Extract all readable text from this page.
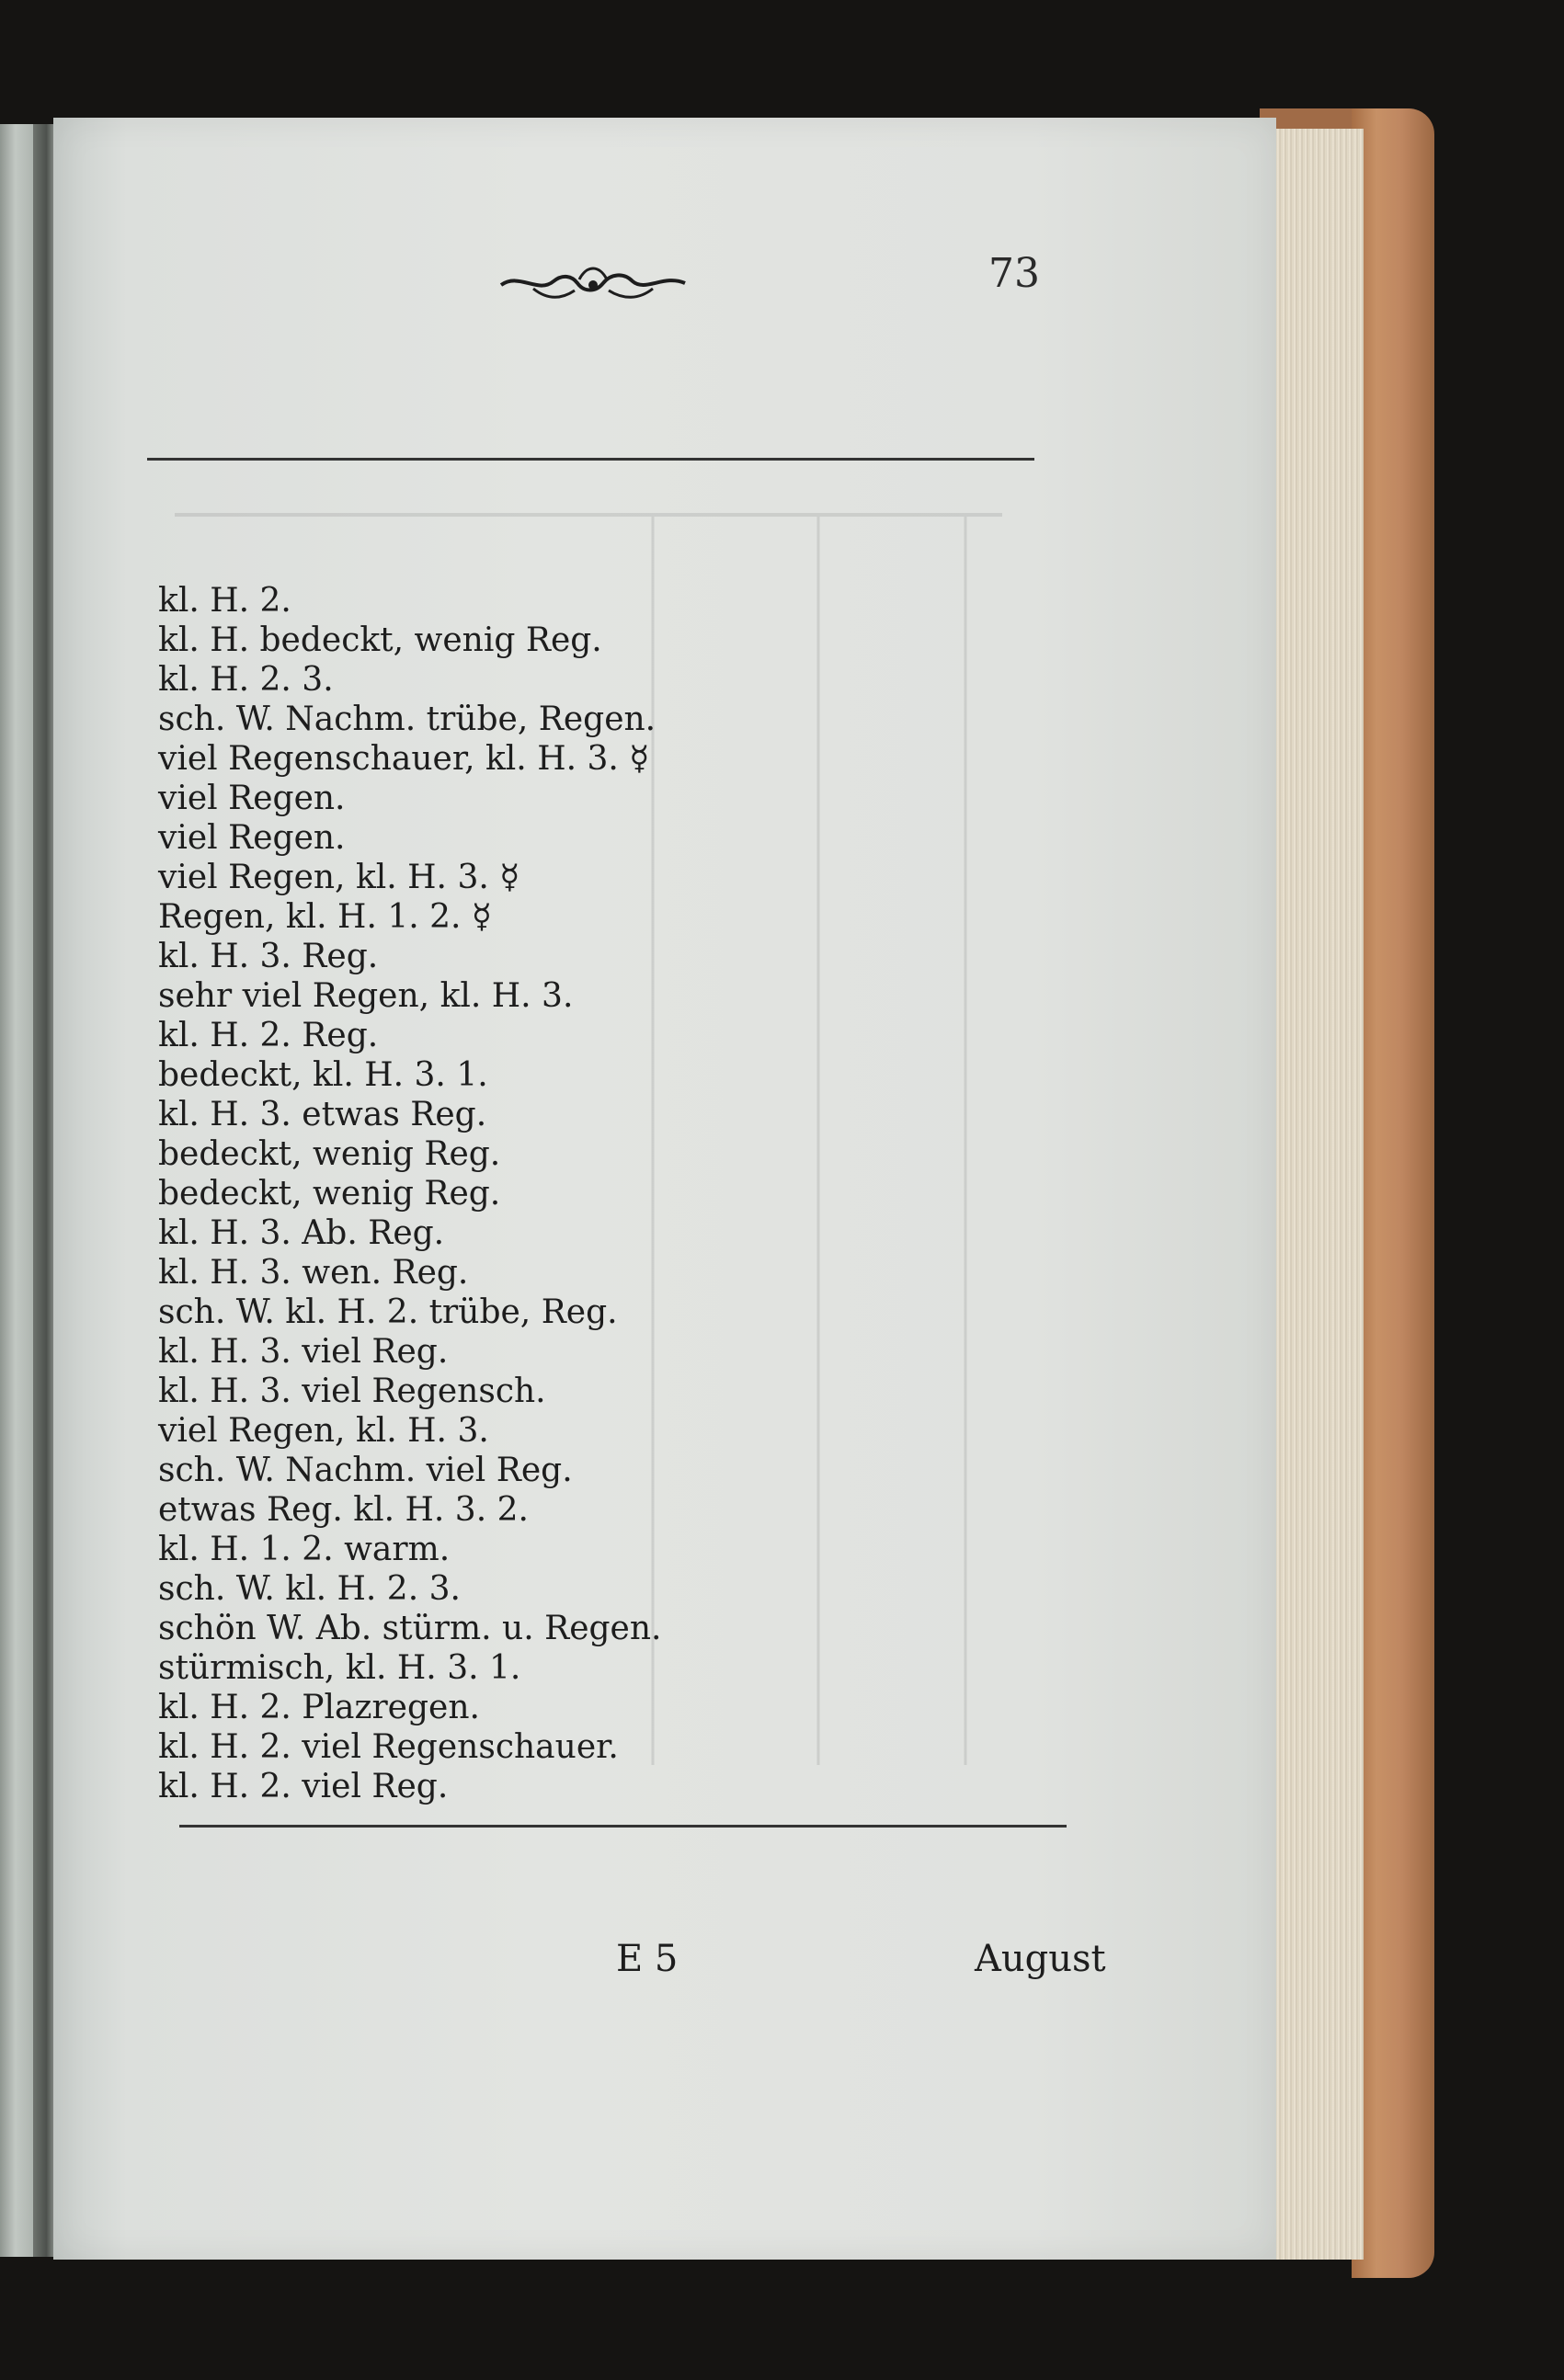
73
kl. H. 2.
kl. H. bedeckt, wenig Reg.
kl. H. 2. 3.
sch. W. Nachm. trübe, Regen.
viel Regenschauer, kl. H. 3. ☿
viel Regen.
viel Regen.
viel Regen, kl. H. 3. ☿
Regen, kl. H. 1. 2. ☿
kl. H. 3. Reg.
sehr viel Regen, kl. H. 3.
kl. H. 2. Reg.
bedeckt, kl. H. 3. 1.
kl. H. 3. etwas Reg.
bedeckt, wenig Reg.
bedeckt, wenig Reg.
kl. H. 3. Ab. Reg.
kl. H. 3. wen. Reg.
sch. W. kl. H. 2. trübe, Reg.
kl. H. 3. viel Reg.
kl. H. 3. viel Regensch.
viel Regen, kl. H. 3.
sch. W. Nachm. viel Reg.
etwas Reg. kl. H. 3. 2.
kl. H. 1. 2. warm.
sch. W. kl. H. 2. 3.
schön W. Ab. stürm. u. Regen.
stürmisch, kl. H. 3. 1.
kl. H. 2. Plazregen.
kl. H. 2. viel Regenschauer.
kl. H. 2. viel Reg.
E 5	August
